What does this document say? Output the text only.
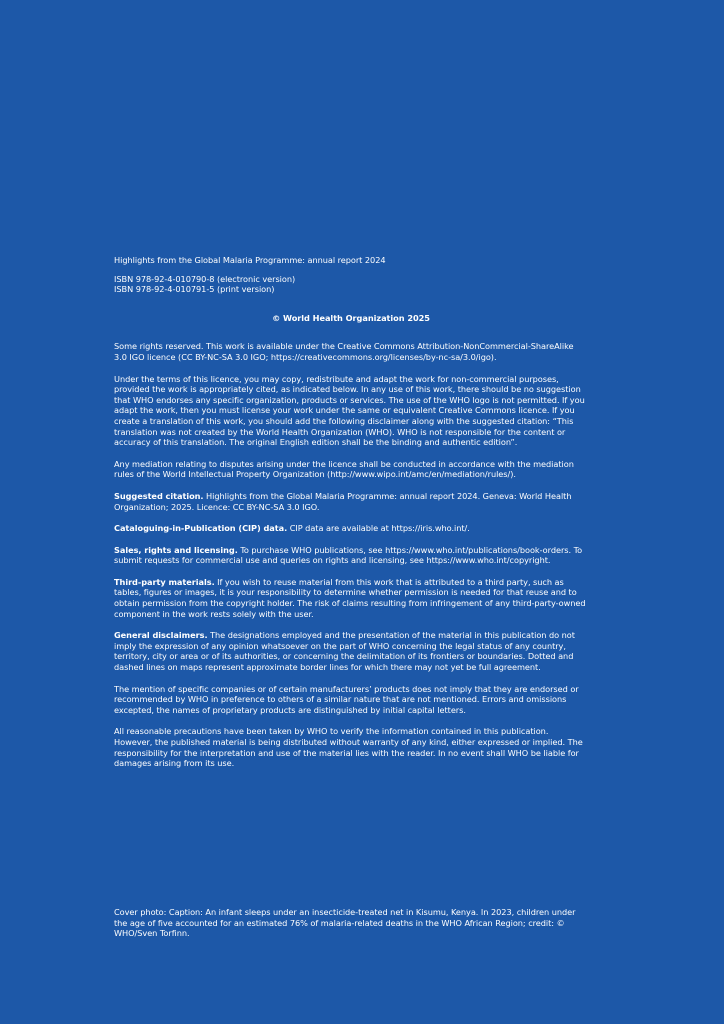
Highlights from the Global Malaria Programme: annual report 2024

ISBN 978-92-4-010790-8 (electronic version)

ISBN 978-92-4-010791-5 (print version)

© World Health Organization 2025

Some rights reserved. This work is available under the Creative Commons Attribution-NonCommercial-ShareAlike 3.0 IGO licence (CC BY-NC-SA 3.0 IGO; https://creativecommons.org/licenses/by-nc-sa/3.0/igo).

Under the terms of this licence, you may copy, redistribute and adapt the work for non-commercial purposes, provided the work is appropriately cited, as indicated below. In any use of this work, there should be no suggestion that WHO endorses any specific organization, products or services. The use of the WHO logo is not permitted. If you adapt the work, then you must license your work under the same or equivalent Creative Commons licence. If you create a translation of this work, you should add the following disclaimer along with the suggested citation: “This translation was not created by the World Health Organization (WHO). WHO is not responsible for the content or accuracy of this translation. The original English edition shall be the binding and authentic edition”.

Any mediation relating to disputes arising under the licence shall be conducted in accordance with the mediation rules of the World Intellectual Property Organization (http://www.wipo.int/amc/en/mediation/rules/).

Suggested citation. Highlights from the Global Malaria Programme: annual report 2024. Geneva: World Health Organization; 2025. Licence: CC BY-NC-SA 3.0 IGO.

Cataloguing-in-Publication (CIP) data. CIP data are available at https://iris.who.int/.

Sales, rights and licensing. To purchase WHO publications, see https://www.who.int/publications/book-orders. To submit requests for commercial use and queries on rights and licensing, see https://www.who.int/copyright.

Third-party materials. If you wish to reuse material from this work that is attributed to a third party, such as tables, figures or images, it is your responsibility to determine whether permission is needed for that reuse and to obtain permission from the copyright holder. The risk of claims resulting from infringement of any third-party-owned component in the work rests solely with the user.

General disclaimers. The designations employed and the presentation of the material in this publication do not imply the expression of any opinion whatsoever on the part of WHO concerning the legal status of any country, territory, city or area or of its authorities, or concerning the delimitation of its frontiers or boundaries. Dotted and dashed lines on maps represent approximate border lines for which there may not yet be full agreement.

The mention of specific companies or of certain manufacturers’ products does not imply that they are endorsed or recommended by WHO in preference to others of a similar nature that are not mentioned. Errors and omissions excepted, the names of proprietary products are distinguished by initial capital letters.

All reasonable precautions have been taken by WHO to verify the information contained in this publication. However, the published material is being distributed without warranty of any kind, either expressed or implied. The responsibility for the interpretation and use of the material lies with the reader. In no event shall WHO be liable for damages arising from its use.

Cover photo: Caption: An infant sleeps under an insecticide-treated net in Kisumu, Kenya. In 2023, children under the age of five accounted for an estimated 76% of malaria-related deaths in the WHO African Region; credit: © WHO/Sven Torfinn.
